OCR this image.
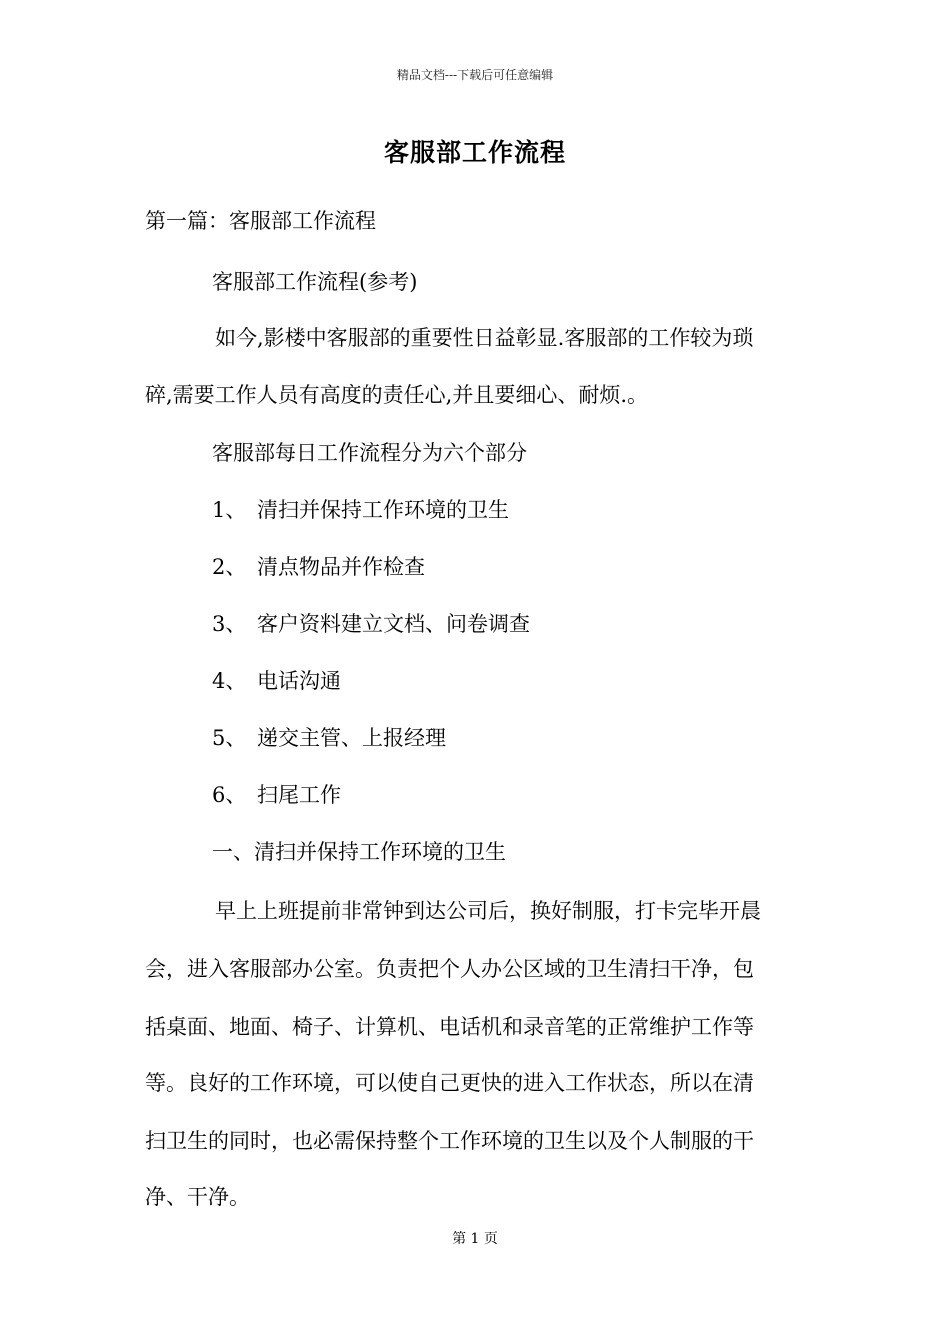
精品文档---下载后可任意编辑
客服部工作流程
第一篇：客服部工作流程
客服部工作流程(参考)
如今,影楼中客服部的重要性日益彰显.客服部的工作较为琐
碎,需要工作人员有高度的责任心,并且要细心、耐烦.。
客服部每日工作流程分为六个部分
1、 清扫并保持工作环境的卫生
2、 清点物品并作检查
3、 客户资料建立文档、问卷调查
4、 电话沟通
5、 递交主管、上报经理
6、 扫尾工作
一、清扫并保持工作环境的卫生
早上上班提前非常钟到达公司后，换好制服，打卡完毕开晨
会，进入客服部办公室。负责把个人办公区域的卫生清扫干净，包
括桌面、地面、椅子、计算机、电话机和录音笔的正常维护工作等
等。良好的工作环境，可以使自己更快的进入工作状态，所以在清
扫卫生的同时，也必需保持整个工作环境的卫生以及个人制服的干
净、干净。
第 1 页
